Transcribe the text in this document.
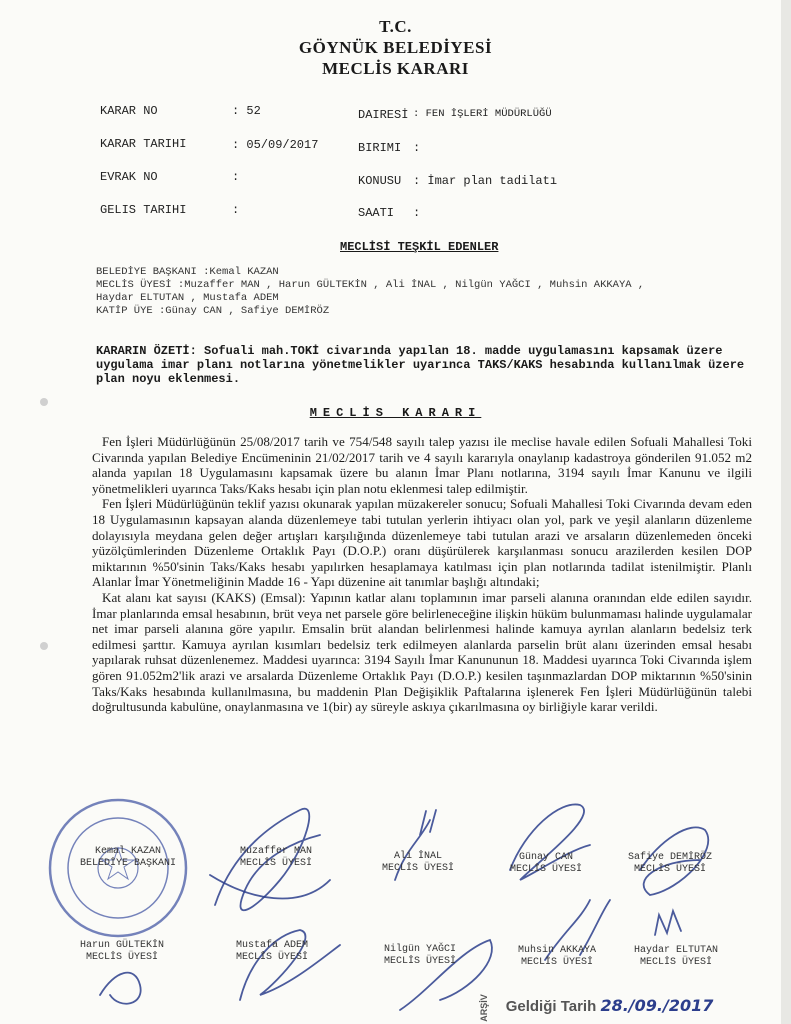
T.C.
GÖYNÜK BELEDİYESİ
MECLİS KARARI
KARAR NO	: 52
KARAR TARIHI	: 05/09/2017
EVRAK NO	:
GELIS TARIHI	:
DAIRESİ : FEN İŞLERİ MÜDÜRLÜĞÜ
BIRIMI :
KONUSU : İmar plan tadilatı
SAATI :
MECLİSİ TEŞKİL EDENLER
BELEDİYE BAŞKANI :Kemal KAZAN
MECLİS ÜYESİ :Muzaffer MAN , Harun GÜLTEKİN , Ali İNAL , Nilgün YAĞCI , Muhsin AKKAYA ,
Haydar ELTUTAN , Mustafa ADEM
KATİP ÜYE :Günay CAN , Safiye DEMİRÖZ
KARARIN ÖZETİ: Sofuali mah.TOKİ civarında yapılan 18. madde uygulamasını kapsamak üzere uygulama imar planı notlarına yönetmelikler uyarınca TAKS/KAKS hesabında kullanılmak üzere plan noyu eklenmesi.
MECLİS KARARI

Fen İşleri Müdürlüğünün 25/08/2017 tarih ve 754/548 sayılı talep yazısı ile meclise havale edilen Sofuali Mahallesi Toki Civarında yapılan Belediye Encümeninin 21/02/2017 tarih ve 4 sayılı kararıyla onaylanıp kadastroya gönderilen 91.052 m2 alanda yapılan 18 Uygulamasını kapsamak üzere bu alanın İmar Planı notlarına, 3194 sayılı İmar Kanunu ve ilgili yönetmelikleri uyarınca Taks/Kaks hesabı için plan notu eklenmesi talep edilmiştir.

Fen İşleri Müdürlüğünün teklif yazısı okunarak yapılan müzakereler sonucu; Sofuali Mahallesi Toki Civarında devam eden 18 Uygulamasının kapsayan alanda düzenlemeye tabi tutulan yerlerin ihtiyacı olan yol, park ve yeşil alanların düzenleme dolayısıyla meydana gelen değer artışları karşılığında düzenlemeye tabi tutulan arazi ve arsaların düzenlemeden önceki yüzölçümlerinden Düzenleme Ortaklık Payı (D.O.P.) oranı düşürülerek karşılanması sonucu arazilerden kesilen DOP miktarının %50'sinin Taks/Kaks hesabı yapılırken hesaplamaya katılması için plan notlarında tadilat istenilmiştir. Planlı Alanlar İmar Yönetmeliğinin Madde 16 - Yapı düzenine ait tanımlar başlığı altındaki;

Kat alanı kat sayısı (KAKS) (Emsal): Yapının katlar alanı toplamının imar parseli alanına oranından elde edilen sayıdır. İmar planlarında emsal hesabının, brüt veya net parsele göre belirleneceğine ilişkin hüküm bulunmaması halinde uygulamalar net imar parseli alanına göre yapılır. Emsalin brüt alandan belirlenmesi halinde kamuya ayrılan alanların bedelsiz terk edilmesi şarttır. Kamuya ayrılan kısımları bedelsiz terk edilmeyen alanlarda parselin brüt alanı üzerinden emsal hesabı yapılarak ruhsat düzenlenemez. Maddesi uyarınca: 3194 Sayılı İmar Kanununun 18. Maddesi uyarınca Toki Civarında işlem gören 91.052m2'lik arazi ve arsalarda Düzenleme Ortaklık Payı (D.O.P.) kesilen taşınmazlardan DOP miktarının %50'sinin Taks/Kaks hesabında kullanılmasına, bu maddenin Plan Değişiklik Paftalarına işlenerek Fen İşleri Müdürlüğünün talebi doğrultusunda kabulüne, onaylanmasına ve 1(bir) ay süreyle askıya çıkarılmasına oy birliğiyle karar verildi.

Kemal KAZAN
BELEDİYE BAŞKANI
Muzaffer MAN
MECLİS ÜYESİ
Ali İNAL
MECLİS ÜYESİ
Günay CAN
MECLİS ÜYESİ
Safiye DEMİRÖZ
MECLİS ÜYESİ
Harun GÜLTEKİN
MECLİS ÜYESİ
Mustafa ADEM
MECLİS ÜYESİ
Nilgün YAĞCI
MECLİS ÜYESİ
Muhsin AKKAYA
MECLİS ÜYESİ
Haydar ELTUTAN
MECLİS ÜYESİ
ARŞİV Geldiği Tarih 28./09./2017
